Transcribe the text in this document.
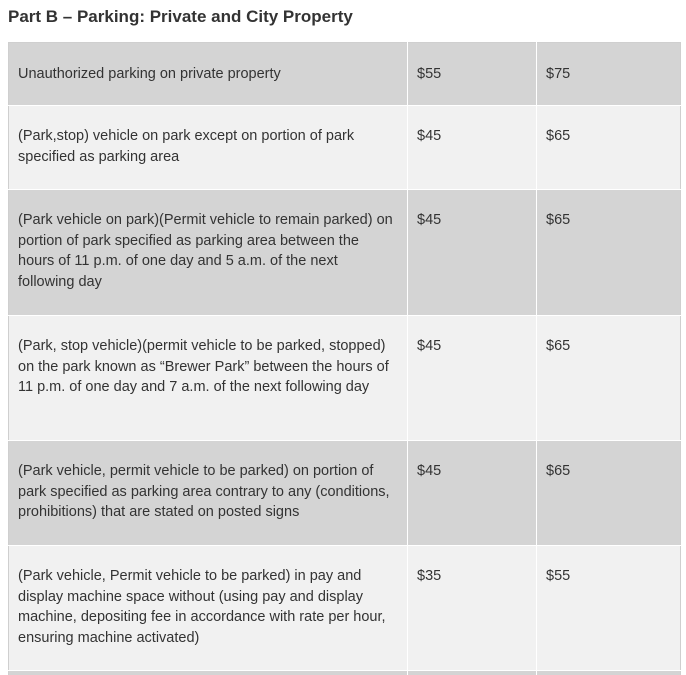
Part B – Parking: Private and City Property
Unauthorized parking on private property	$55	$75

(Park,stop) vehicle on park except on portion of park specified as parking area	$45	$65

(Park vehicle on park)(Permit vehicle to remain parked) on portion of park specified as parking area between the hours of 11 p.m. of one day and 5 a.m. of the next following day	$45	$65

(Park, stop vehicle)(permit vehicle to be parked, stopped) on the park known as “Brewer Park” between the hours of
11 p.m. of one day and 7 a.m. of the next following day	$45	$65

(Park vehicle, permit vehicle to be parked) on portion of park specified as parking area contrary to any (conditions, prohibitions) that are stated on posted signs	$45	$65

(Park vehicle, Permit vehicle to be parked) in pay and display machine space without (using pay and display machine, depositing fee in accordance with rate per hour, ensuring machine activated)	$35	$55
